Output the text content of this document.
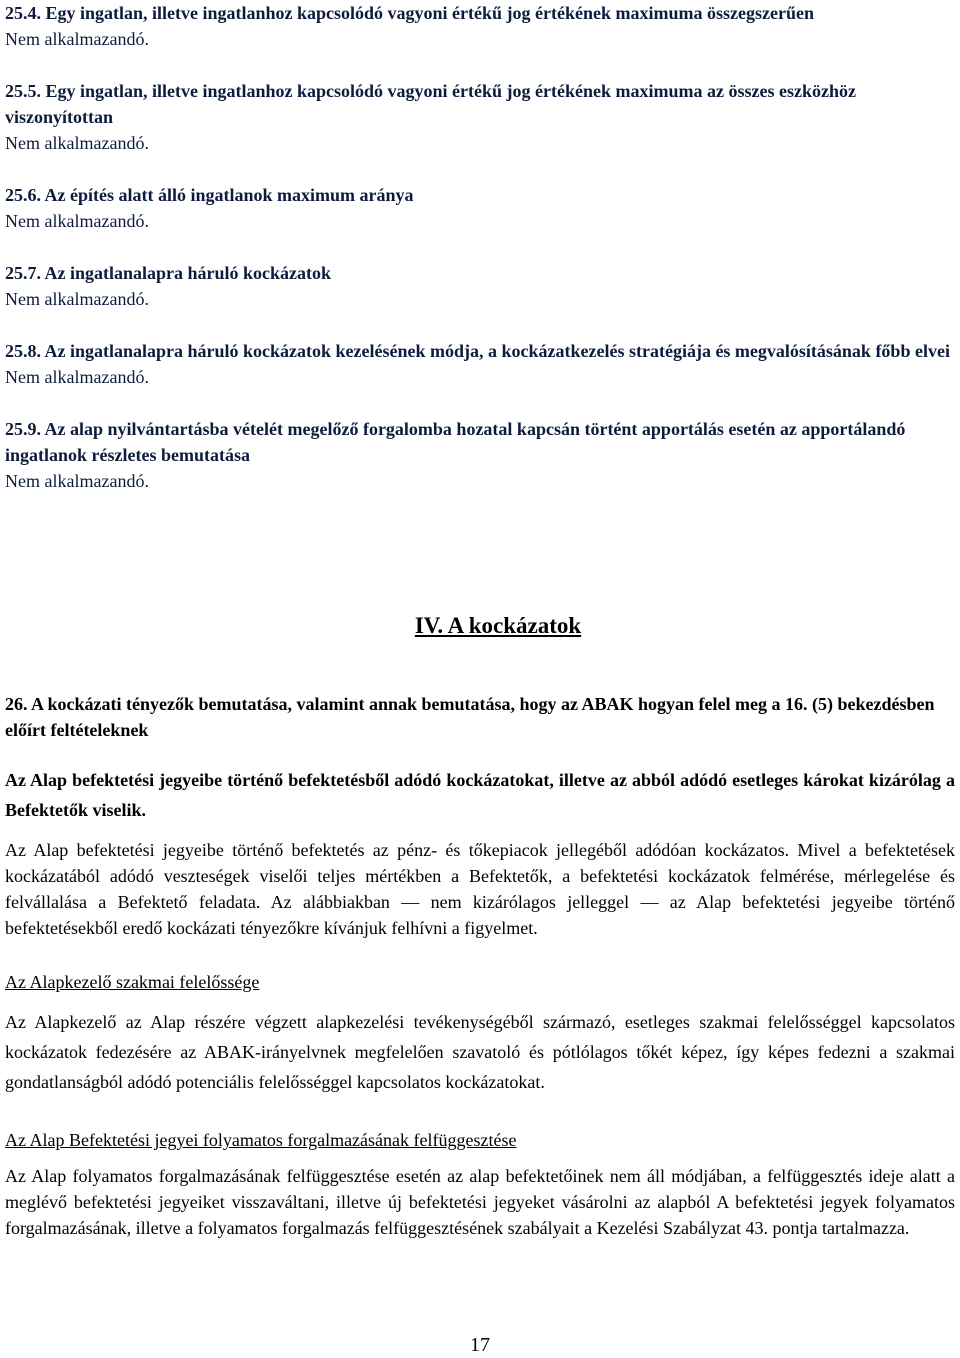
25.4. Egy ingatlan, illetve ingatlanhoz kapcsolódó vagyoni értékű jog értékének maximuma összegszerűen

Nem alkalmazandó.

25.5. Egy ingatlan, illetve ingatlanhoz kapcsolódó vagyoni értékű jog értékének maximuma az összes eszközhöz viszonyítottan

Nem alkalmazandó.

25.6. Az építés alatt álló ingatlanok maximum aránya

Nem alkalmazandó.

25.7. Az ingatlanalapra háruló kockázatok

Nem alkalmazandó.

25.8. Az ingatlanalapra háruló kockázatok kezelésének módja, a kockázatkezelés stratégiája és megvalósításának főbb elvei

Nem alkalmazandó.

25.9. Az alap nyilvántartásba vételét megelőző forgalomba hozatal kapcsán történt apportálás esetén az apportálandó ingatlanok részletes bemutatása

Nem alkalmazandó.

IV. A kockázatok

26. A kockázati tényezők bemutatása, valamint annak bemutatása, hogy az ABAK hogyan felel meg a 16. (5) bekezdésben előírt feltételeknek

Az Alap befektetési jegyeibe történő befektetésből adódó kockázatokat, illetve az abból adódó esetleges károkat kizárólag a Befektetők viselik.

Az Alap befektetési jegyeibe történő befektetés az pénz- és tőkepiacok jellegéből adódóan kockázatos. Mivel a befektetések kockázatából adódó veszteségek viselői teljes mértékben a Befektetők, a befektetési kockázatok felmérése, mérlegelése és felvállalása a Befektető feladata. Az alábbiakban — nem kizárólagos jelleggel — az Alap befektetési jegyeibe történő befektetésekből eredő kockázati tényezőkre kívánjuk felhívni a figyelmet.

Az Alapkezelő szakmai felelőssége

Az Alapkezelő az Alap részére végzett alapkezelési tevékenységéből származó, esetleges szakmai felelősséggel kapcsolatos kockázatok fedezésére az ABAK-irányelvnek megfelelően szavatoló és pótlólagos tőkét képez, így képes fedezni a szakmai gondatlanságból adódó potenciális felelősséggel kapcsolatos kockázatokat.

Az Alap Befektetési jegyei folyamatos forgalmazásának felfüggesztése

Az Alap folyamatos forgalmazásának felfüggesztése esetén az alap befektetőinek nem áll módjában, a felfüggesztés ideje alatt a meglévő befektetési jegyeiket visszaváltani, illetve új befektetési jegyeket vásárolni az alapból A befektetési jegyek folyamatos forgalmazásának, illetve a folyamatos forgalmazás felfüggesztésének szabályait a Kezelési Szabályzat 43. pontja tartalmazza.

17
